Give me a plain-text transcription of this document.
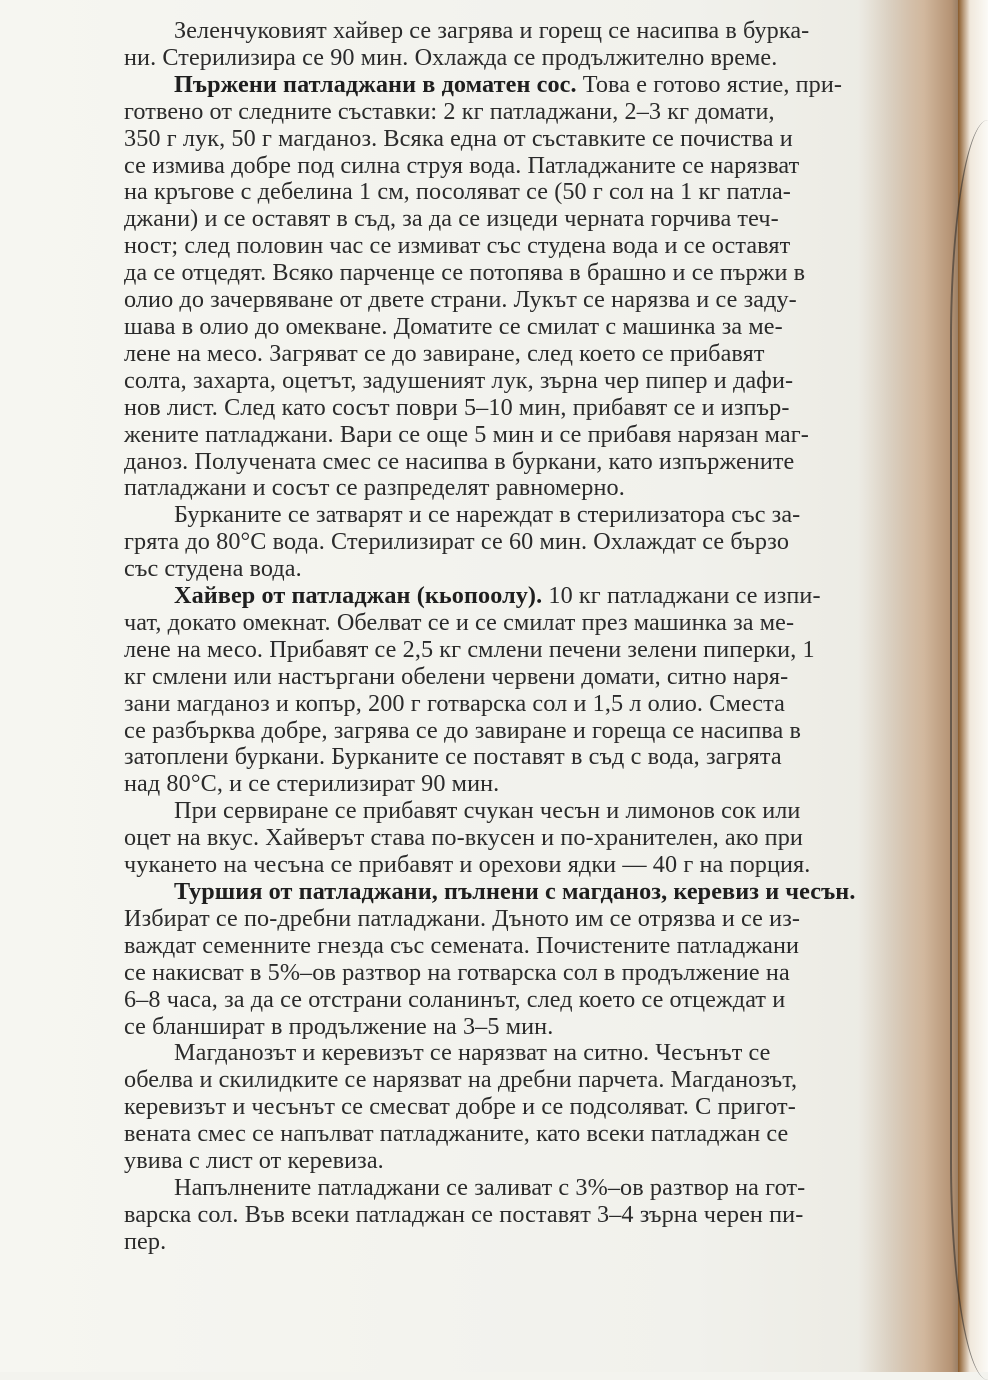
Зеленчуковият хайвер се загрява и горещ се насипва в бурка-
ни. Стерилизира се 90 мин. Охлажда се продължително време.
Пържени патладжани в доматен сос. Това е готово ястие, при-
готвено от следните съставки: 2 кг патладжани, 2–3 кг домати,
350 г лук, 50 г магданоз. Всяка една от съставките се почиства и
се измива добре под силна струя вода. Патладжаните се нарязват
на кръгове с дебелина 1 см, посоляват се (50 г сол на 1 кг патла-
джани) и се оставят в съд, за да се изцеди черната горчива теч-
ност; след половин час се измиват със студена вода и се оставят
да се отцедят. Всяко парченце се потопява в брашно и се пържи в
олио до зачервяване от двете страни. Лукът се нарязва и се заду-
шава в олио до омекване. Доматите се смилат с машинка за ме-
лене на месо. Загряват се до завиране, след което се прибавят
солта, захарта, оцетът, задушеният лук, зърна чер пипер и дафи-
нов лист. След като сосът поври 5–10 мин, прибавят се и изпър-
жените патладжани. Вари се още 5 мин и се прибавя нарязан маг-
даноз. Получената смес се насипва в буркани, като изпържените
патладжани и сосът се разпределят равномерно.
Бурканите се затварят и се нареждат в стерилизатора със за-
грята до 80°С вода. Стерилизират се 60 мин. Охлаждат се бързо
със студена вода.
Хайвер от патладжан (кьопоолу). 10 кг патладжани се изпи-
чат, докато омекнат. Обелват се и се смилат през машинка за ме-
лене на месо. Прибавят се 2,5 кг смлени печени зелени пиперки, 1
кг смлени или настъргани обелени червени домати, ситно наря-
зани магданоз и копър, 200 г готварска сол и 1,5 л олио. Сместа
се разбърква добре, загрява се до завиране и гореща се насипва в
затоплени буркани. Бурканите се поставят в съд с вода, загрята
над 80°С, и се стерилизират 90 мин.
При сервиране се прибавят счукан чесън и лимонов сок или
оцет на вкус. Хайверът става по-вкусен и по-хранителен, ако при
чукането на чесъна се прибавят и орехови ядки — 40 г на порция.
Туршия от патладжани, пълнени с магданоз, керевиз и чесън.
Избират се по-дребни патладжани. Дъното им се отрязва и се из-
важдат семенните гнезда със семената. Почистените патладжани
се накисват в 5%–ов разтвор на готварска сол в продължение на
6–8 часа, за да се отстрани соланинът, след което се отцеждат и
се бланшират в продължение на 3–5 мин.
Магданозът и керевизът се нарязват на ситно. Чесънът се
обелва и скилидките се нарязват на дребни парчета. Магданозът,
керевизът и чесънът се смесват добре и се подсоляват. С пригот-
вената смес се напълват патладжаните, като всеки патладжан се
увива с лист от керевиза.
Напълнените патладжани се заливат с 3%–ов разтвор на гот-
варска сол. Във всеки патладжан се поставят 3–4 зърна черен пи-
пер.
